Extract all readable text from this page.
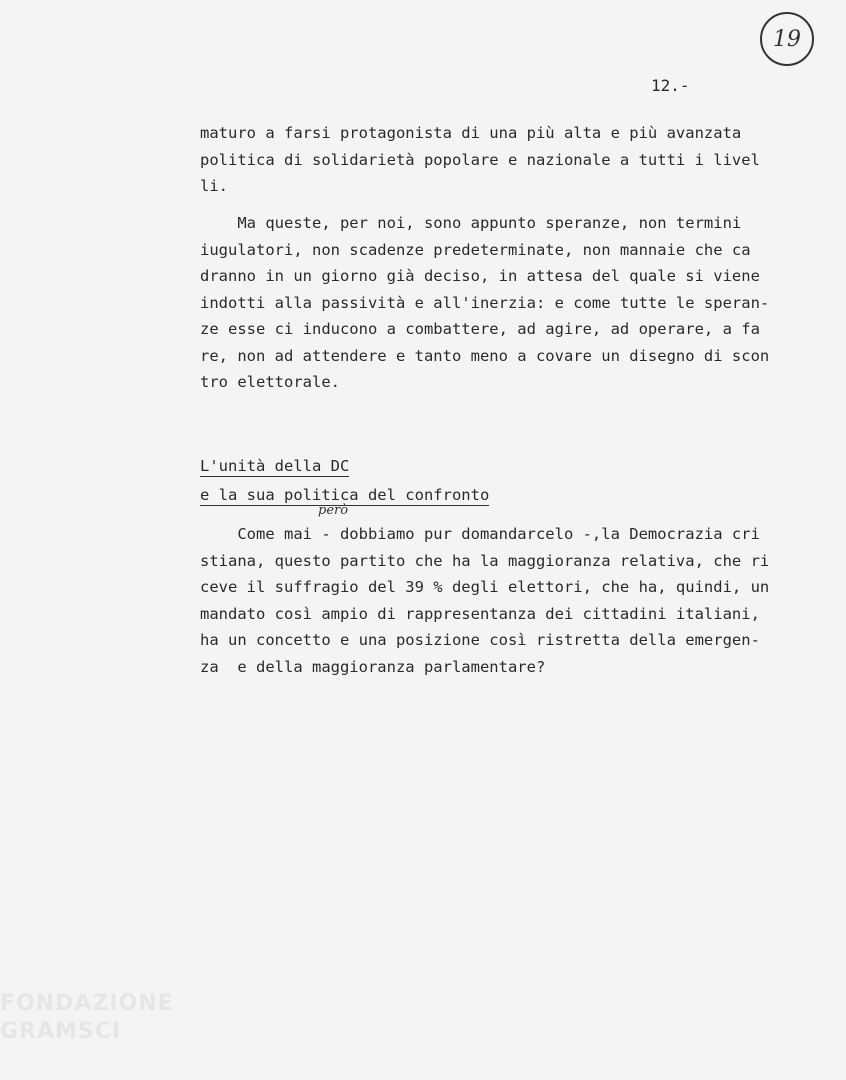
19
12.-
maturo a farsi protagonista di una più alta e più avanzata
politica di solidarietà popolare e nazionale a tutti i livel
li.
Ma queste, per noi, sono appunto speranze, non termini
iugulatori, non scadenze predeterminate, non mannaie che ca
dranno in un giorno già deciso, in attesa del quale si viene
indotti alla passività e all'inerzia: e come tutte le speran-
ze esse ci inducono a combattere, ad agire, ad operare, a fa
re, non ad attendere e tanto meno a covare un disegno di scon
tro elettorale.
L'unità della DC
e la sua politica del confronto
però
Come mai - dobbiamo pur domandarcelo -,la Democrazia cri
stiana, questo partito che ha la maggioranza relativa, che ri
ceve il suffragio del 39 % degli elettori, che ha, quindi, un
mandato così ampio di rappresentanza dei cittadini italiani,
ha un concetto e una posizione così ristretta della emergen-
za  e della maggioranza parlamentare?
FONDAZIONE
GRAMSCI
